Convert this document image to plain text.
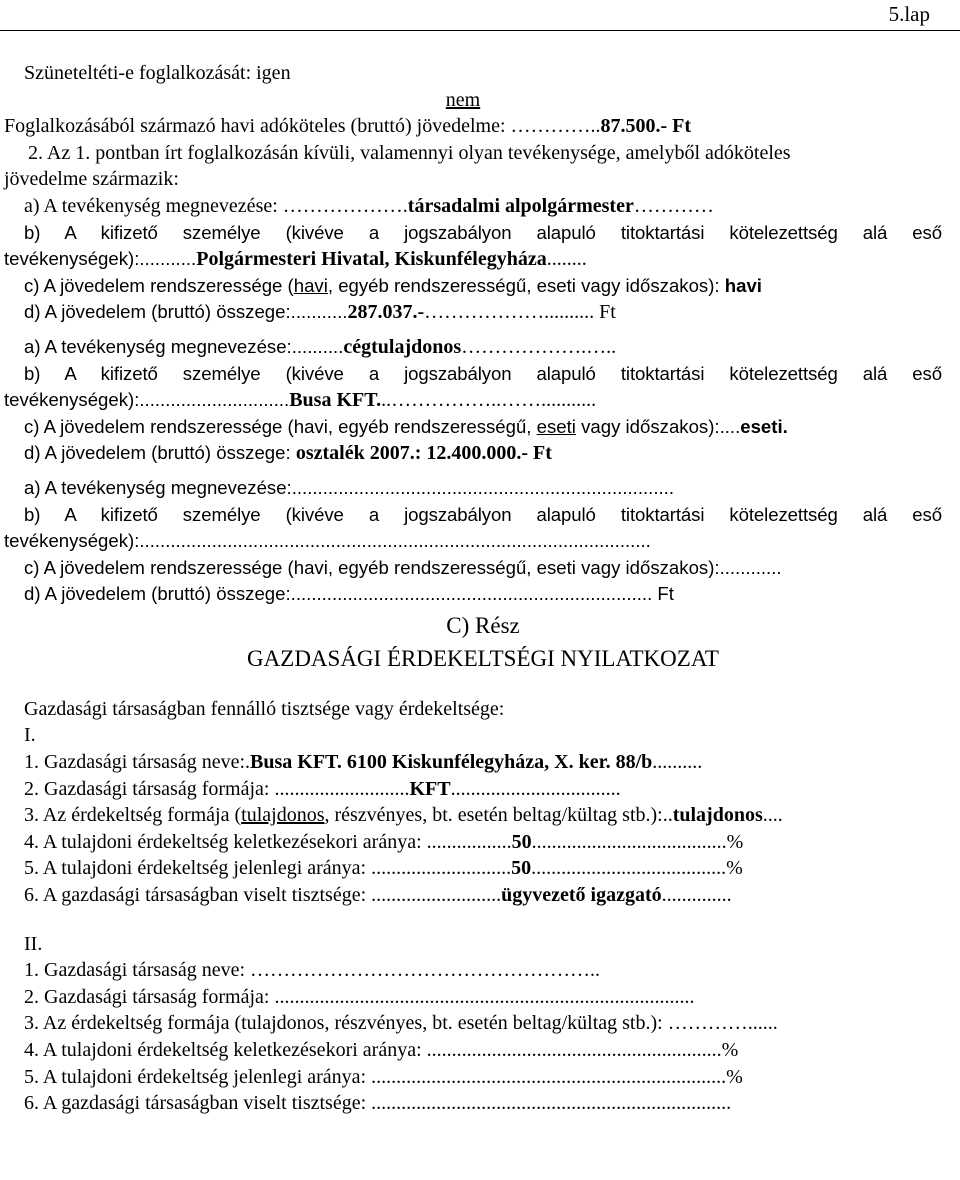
5.lap
Szüneteltéti-e foglalkozását: igen
nem
Foglalkozásából származó havi adóköteles (bruttó) jövedelme: …………..87.500.- Ft
2. Az 1. pontban írt foglalkozásán kívüli, valamennyi olyan tevékenysége, amelyből adóköteles
jövedelme származik:
a) A tevékenység megnevezése: ……………….társadalmi alpolgármester…………
b) A kifizető személye (kivéve a jogszabályon alapuló titoktartási kötelezettség alá eső
tevékenységek):...........Polgármesteri Hivatal, Kiskunfélegyháza........
c) A jövedelem rendszeressége (havi, egyéb rendszerességű, eseti vagy időszakos): havi
d) A jövedelem (bruttó) összege:...........287.037.-……………….......... Ft
a) A tevékenység megnevezése:..........cégtulajdonos……………….…..
b) A kifizető személye (kivéve a jogszabályon alapuló titoktartási kötelezettség alá eső
tevékenységek):.............................Busa KFT...……………..……...........
c) A jövedelem rendszeressége (havi, egyéb rendszerességű, eseti vagy időszakos):....eseti.
d) A jövedelem (bruttó) összege: osztalék 2007.: 12.400.000.- Ft
a) A tevékenység megnevezése:..........................................................................
b) A kifizető személye (kivéve a jogszabályon alapuló titoktartási kötelezettség alá eső
tevékenységek):...................................................................................................
c) A jövedelem rendszeressége (havi, egyéb rendszerességű, eseti vagy időszakos):............
d) A jövedelem (bruttó) összege:...................................................................... Ft
C) Rész
GAZDASÁGI ÉRDEKELTSÉGI NYILATKOZAT
Gazdasági társaságban fennálló tisztsége vagy érdekeltsége:
I.
1. Gazdasági társaság neve:.Busa KFT. 6100 Kiskunfélegyháza, X. ker. 88/b..........
2. Gazdasági társaság formája: ...........................KFT..................................
3. Az érdekeltség formája (tulajdonos, részvényes, bt. esetén beltag/kültag stb.):..tulajdonos....
4. A tulajdoni érdekeltség keletkezésekori aránya: .................50.......................................%
5. A tulajdoni érdekeltség jelenlegi aránya: ............................50.......................................%
6. A gazdasági társaságban viselt tisztsége: ..........................ügyvezető igazgató..............
II.
1. Gazdasági társaság neve: ……………………………………………..
2. Gazdasági társaság formája: ....................................................................................
3. Az érdekeltség formája (tulajdonos, részvényes, bt. esetén beltag/kültag stb.): …………......
4. A tulajdoni érdekeltség keletkezésekori aránya: ...........................................................%
5. A tulajdoni érdekeltség jelenlegi aránya: .......................................................................%
6. A gazdasági társaságban viselt tisztsége: ........................................................................
